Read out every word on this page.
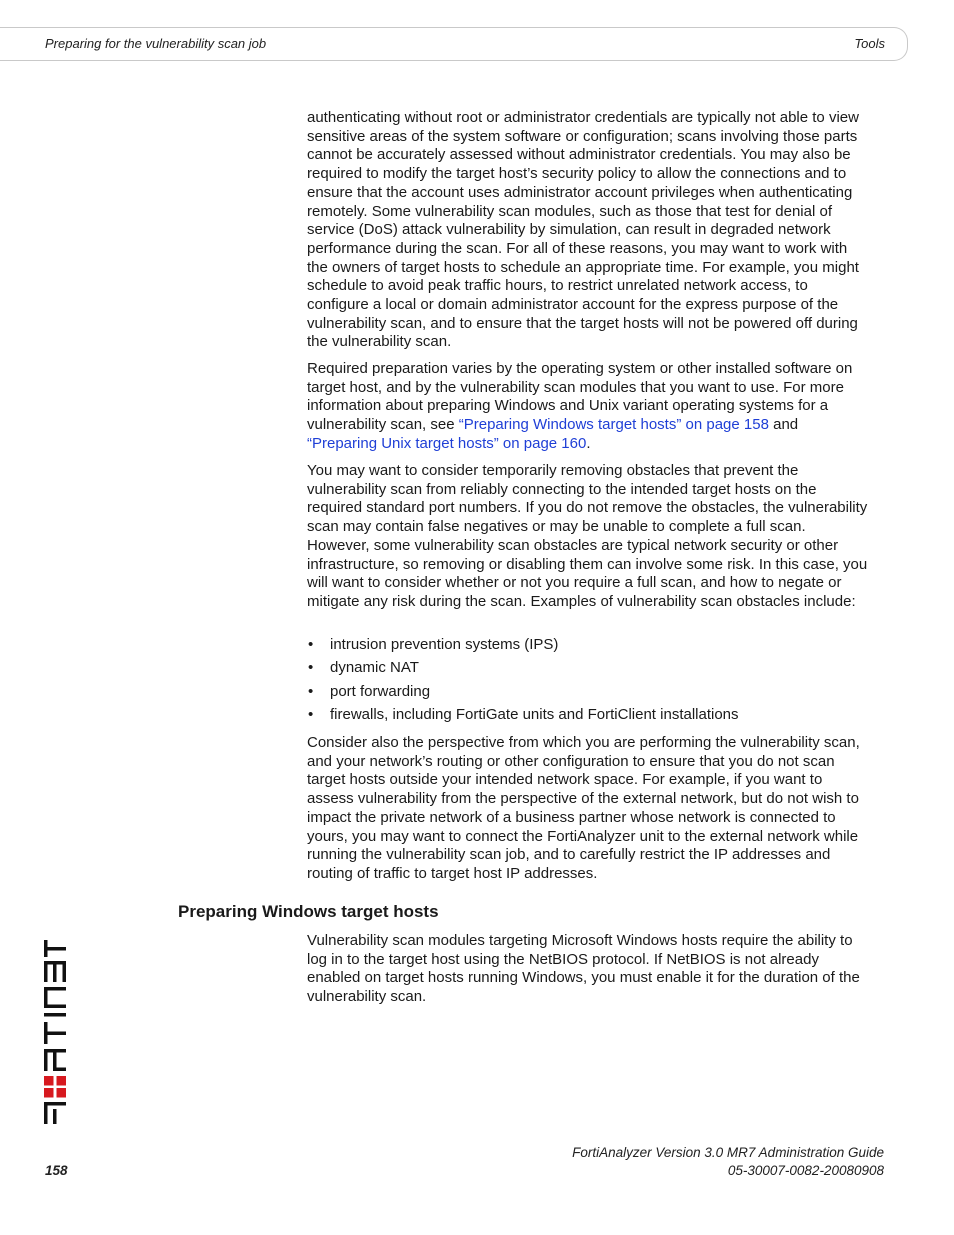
Preparing for the vulnerability scan job	Tools

authenticating without root or administrator credentials are typically not able to view sensitive areas of the system software or configuration; scans involving those parts cannot be accurately assessed without administrator credentials. You may also be required to modify the target host’s security policy to allow the connections and to ensure that the account uses administrator account privileges when authenticating remotely. Some vulnerability scan modules, such as those that test for denial of service (DoS) attack vulnerability by simulation, can result in degraded network performance during the scan. For all of these reasons, you may want to work with the owners of target hosts to schedule an appropriate time. For example, you might schedule to avoid peak traffic hours, to restrict unrelated network access, to configure a local or domain administrator account for the express purpose of the vulnerability scan, and to ensure that the target hosts will not be powered off during the vulnerability scan.

Required preparation varies by the operating system or other installed software on target host, and by the vulnerability scan modules that you want to use. For more information about preparing Windows and Unix variant operating systems for a vulnerability scan, see “Preparing Windows target hosts” on page 158 and “Preparing Unix target hosts” on page 160.

You may want to consider temporarily removing obstacles that prevent the vulnerability scan from reliably connecting to the intended target hosts on the required standard port numbers. If you do not remove the obstacles, the vulnerability scan may contain false negatives or may be unable to complete a full scan. However, some vulnerability scan obstacles are typical network security or other infrastructure, so removing or disabling them can involve some risk. In this case, you will want to consider whether or not you require a full scan, and how to negate or mitigate any risk during the scan. Examples of vulnerability scan obstacles include:

• intrusion prevention systems (IPS)
• dynamic NAT
• port forwarding
• firewalls, including FortiGate units and FortiClient installations

Consider also the perspective from which you are performing the vulnerability scan, and your network’s routing or other configuration to ensure that you do not scan target hosts outside your intended network space. For example, if you want to assess vulnerability from the perspective of the external network, but do not wish to impact the private network of a business partner whose network is connected to yours, you may want to connect the FortiAnalyzer unit to the external network while running the vulnerability scan job, and to carefully restrict the IP addresses and routing of traffic to target host IP addresses.

Preparing Windows target hosts

Vulnerability scan modules targeting Microsoft Windows hosts require the ability to log in to the target host using the NetBIOS protocol. If NetBIOS is not already enabled on target hosts running Windows, you must enable it for the duration of the vulnerability scan.

FortiAnalyzer Version 3.0 MR7 Administration Guide
05-30007-0082-20080908
158
